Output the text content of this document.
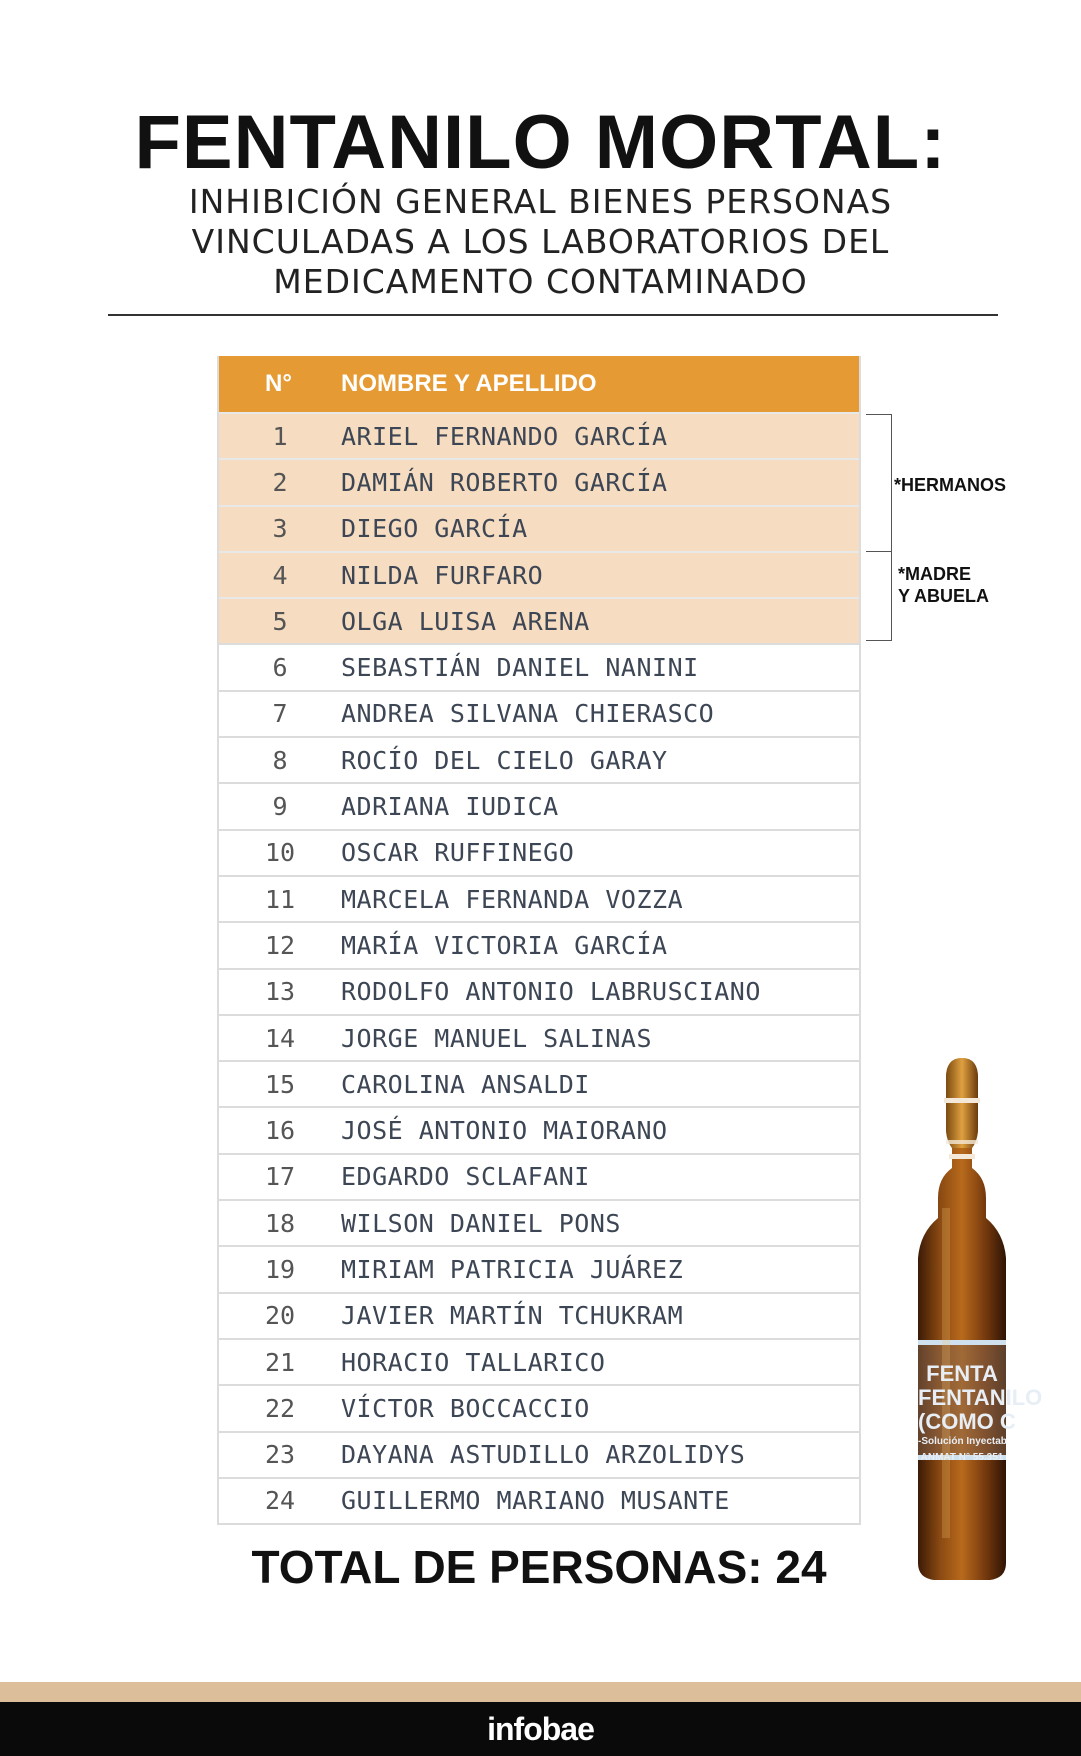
FENTANILO MORTAL:
INHIBICIÓN GENERAL BIENES PERSONAS
VINCULADAS A LOS LABORATORIOS DEL
MEDICAMENTO CONTAMINADO
N°	NOMBRE Y APELLIDO
1	ARIEL FERNANDO GARCÍA
2	DAMIÁN ROBERTO GARCÍA
3	DIEGO GARCÍA
4	NILDA FURFARO
5	OLGA LUISA ARENA
6	SEBASTIÁN DANIEL NANINI
7	ANDREA SILVANA CHIERASCO
8	ROCÍO DEL CIELO GARAY
9	ADRIANA IUDICA
10	OSCAR RUFFINEGO
11	MARCELA FERNANDA VOZZA
12	MARÍA VICTORIA GARCÍA
13	RODOLFO ANTONIO LABRUSCIANO
14	JORGE MANUEL SALINAS
15	CAROLINA ANSALDI
16	JOSÉ ANTONIO MAIORANO
17	EDGARDO SCLAFANI
18	WILSON DANIEL PONS
19	MIRIAM PATRICIA JUÁREZ
20	JAVIER MARTÍN TCHUKRAM
21	HORACIO TALLARICO
22	VÍCTOR BOCCACCIO
23	DAYANA ASTUDILLO ARZOLIDYS
24	GUILLERMO MARIANO MUSANTE
*HERMANOS
*MADRE
Y ABUELA
TOTAL DE PERSONAS: 24
FENTA
FENTANILO
(COMO C
-Solución Inyectab
ANMAT N° 55.351
infobae
